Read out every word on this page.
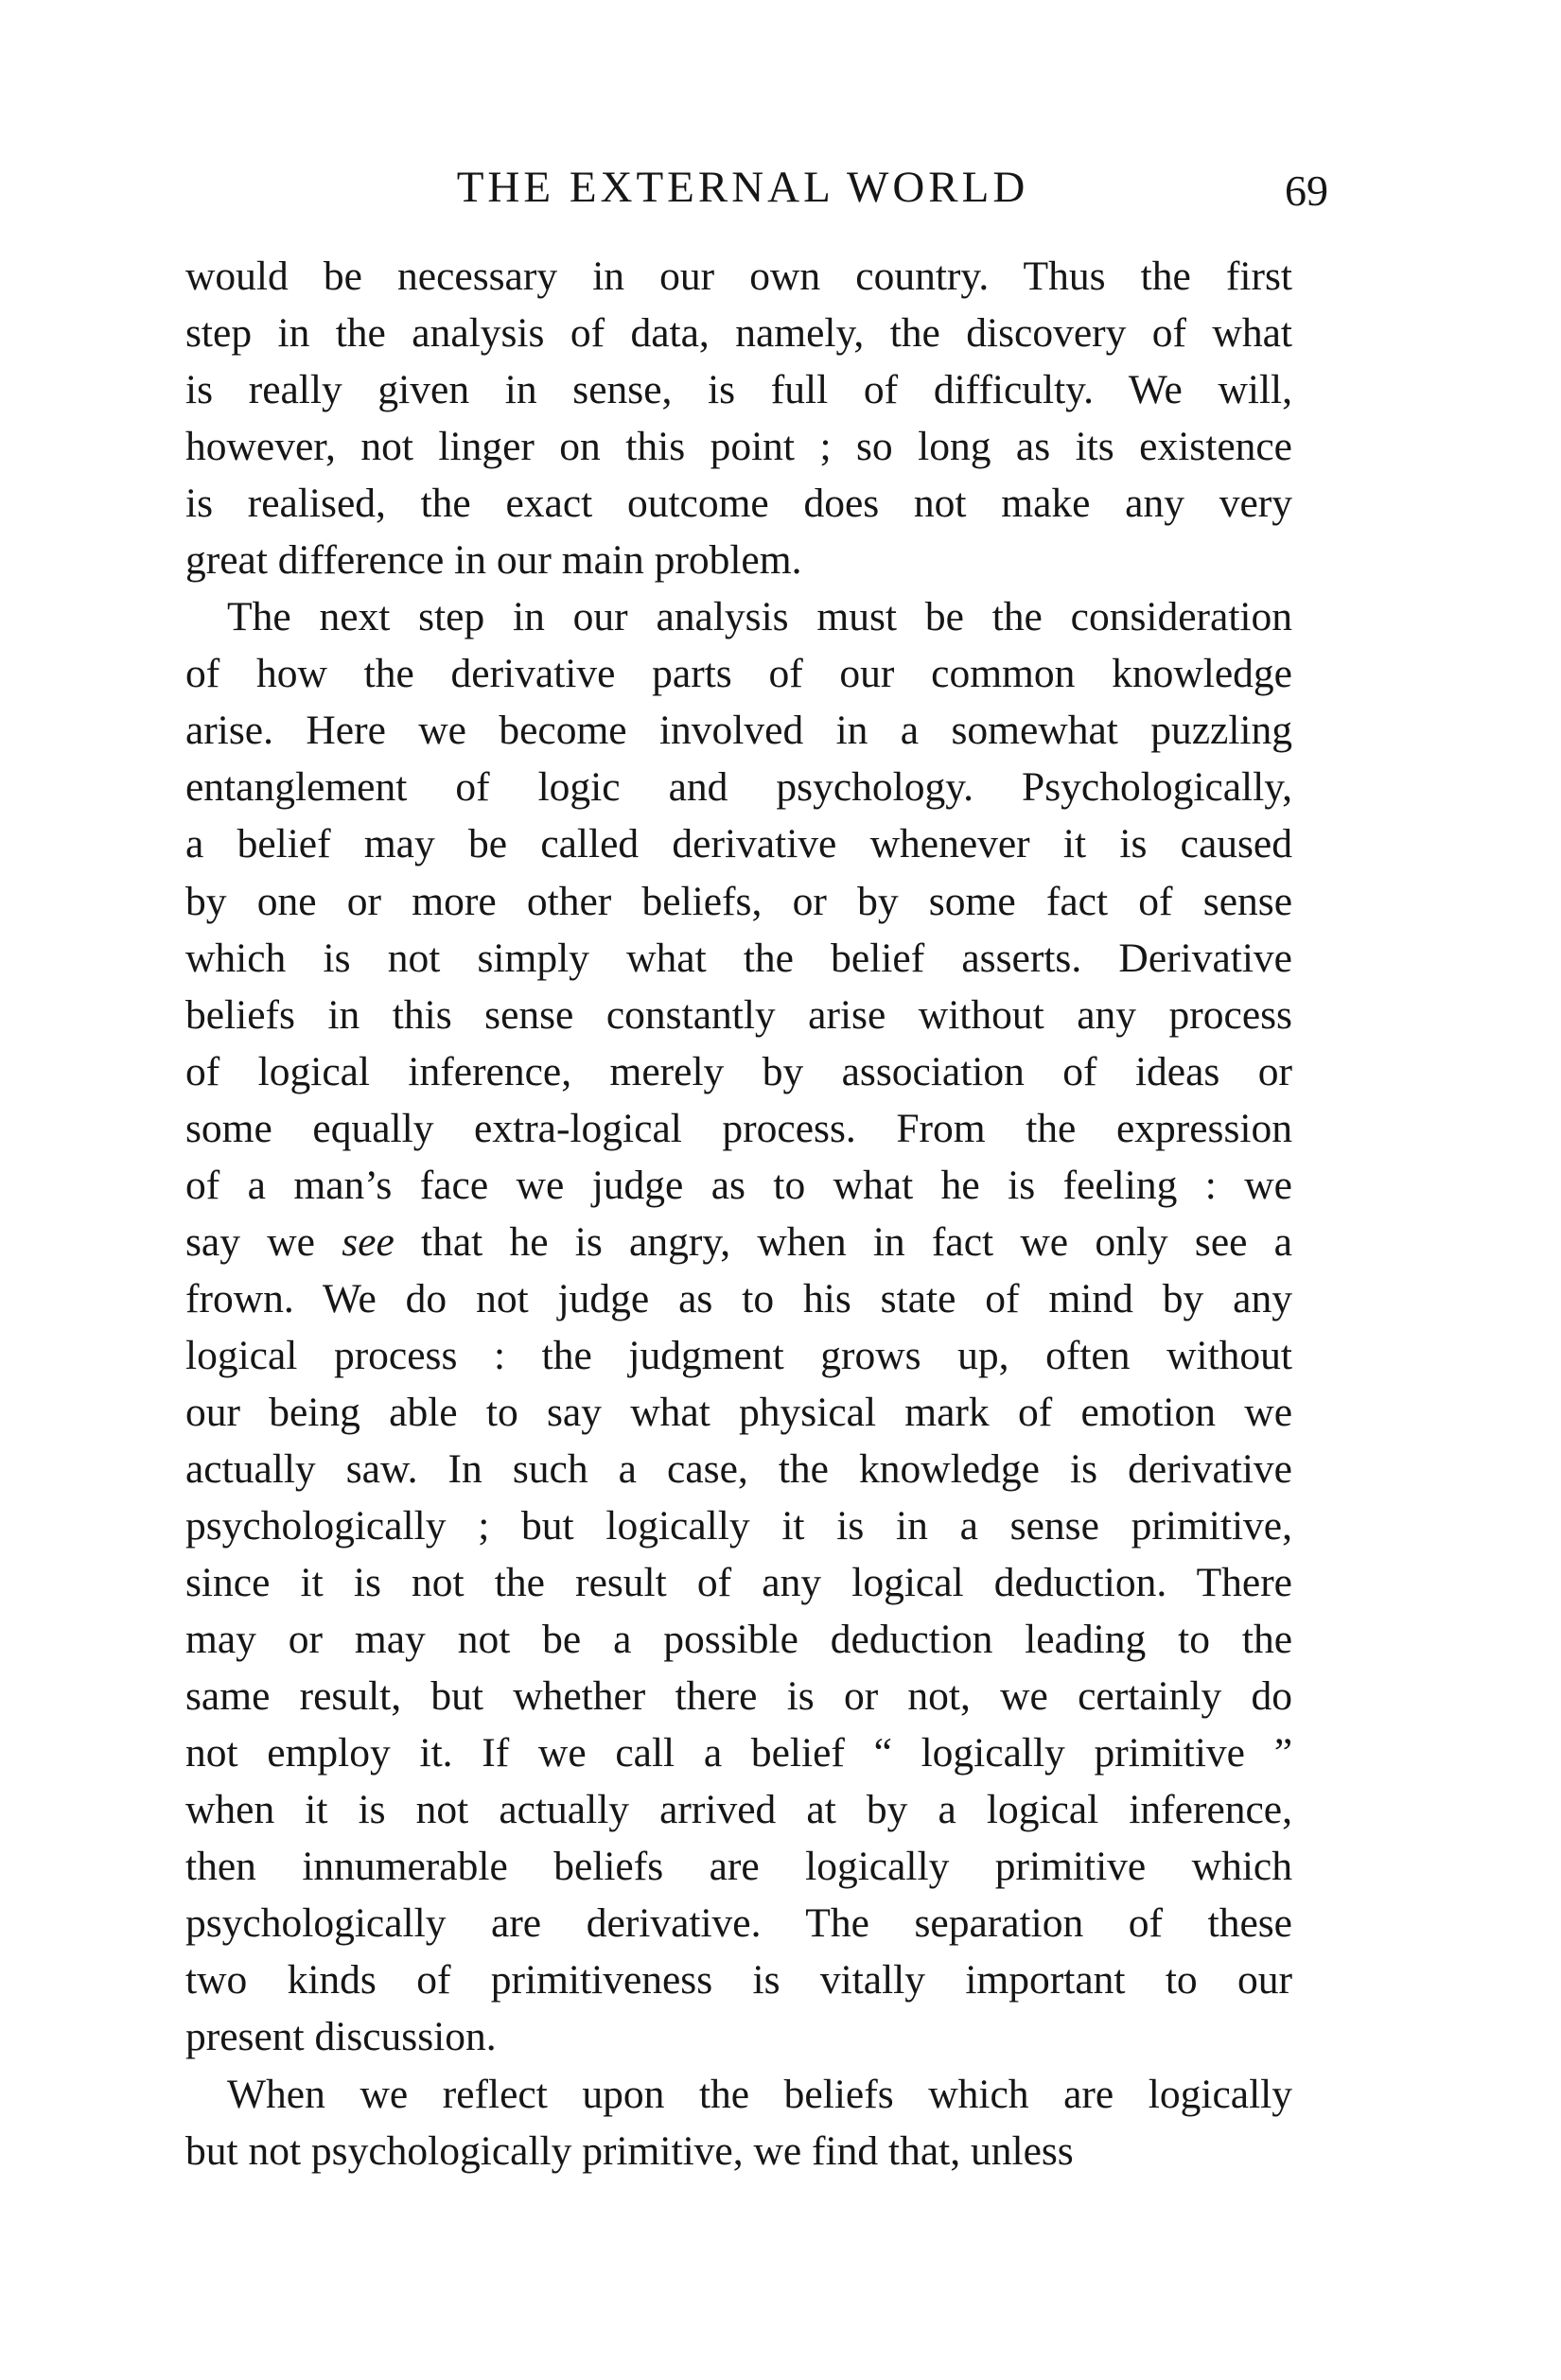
THE EXTERNAL WORLD	69
would be necessary in our own country. Thus the first
step in the analysis of data, namely, the discovery of what
is really given in sense, is full of difficulty. We will,
however, not linger on this point ; so long as its existence
is realised, the exact outcome does not make any very
great difference in our main problem.
The next step in our analysis must be the consideration
of how the derivative parts of our common knowledge
arise. Here we become involved in a somewhat puzzling
entanglement of logic and psychology. Psychologically,
a belief may be called derivative whenever it is caused
by one or more other beliefs, or by some fact of sense
which is not simply what the belief asserts. Derivative
beliefs in this sense constantly arise without any process
of logical inference, merely by association of ideas or
some equally extra-logical process. From the expression
of a man’s face we judge as to what he is feeling : we
say we see that he is angry, when in fact we only see a
frown. We do not judge as to his state of mind by any
logical process : the judgment grows up, often without
our being able to say what physical mark of emotion we
actually saw. In such a case, the knowledge is derivative
psychologically ; but logically it is in a sense primitive,
since it is not the result of any logical deduction. There
may or may not be a possible deduction leading to the
same result, but whether there is or not, we certainly do
not employ it. If we call a belief “ logically primitive ”
when it is not actually arrived at by a logical inference,
then innumerable beliefs are logically primitive which
psychologically are derivative. The separation of these
two kinds of primitiveness is vitally important to our
present discussion.
When we reflect upon the beliefs which are logically
but not psychologically primitive, we find that, unless
